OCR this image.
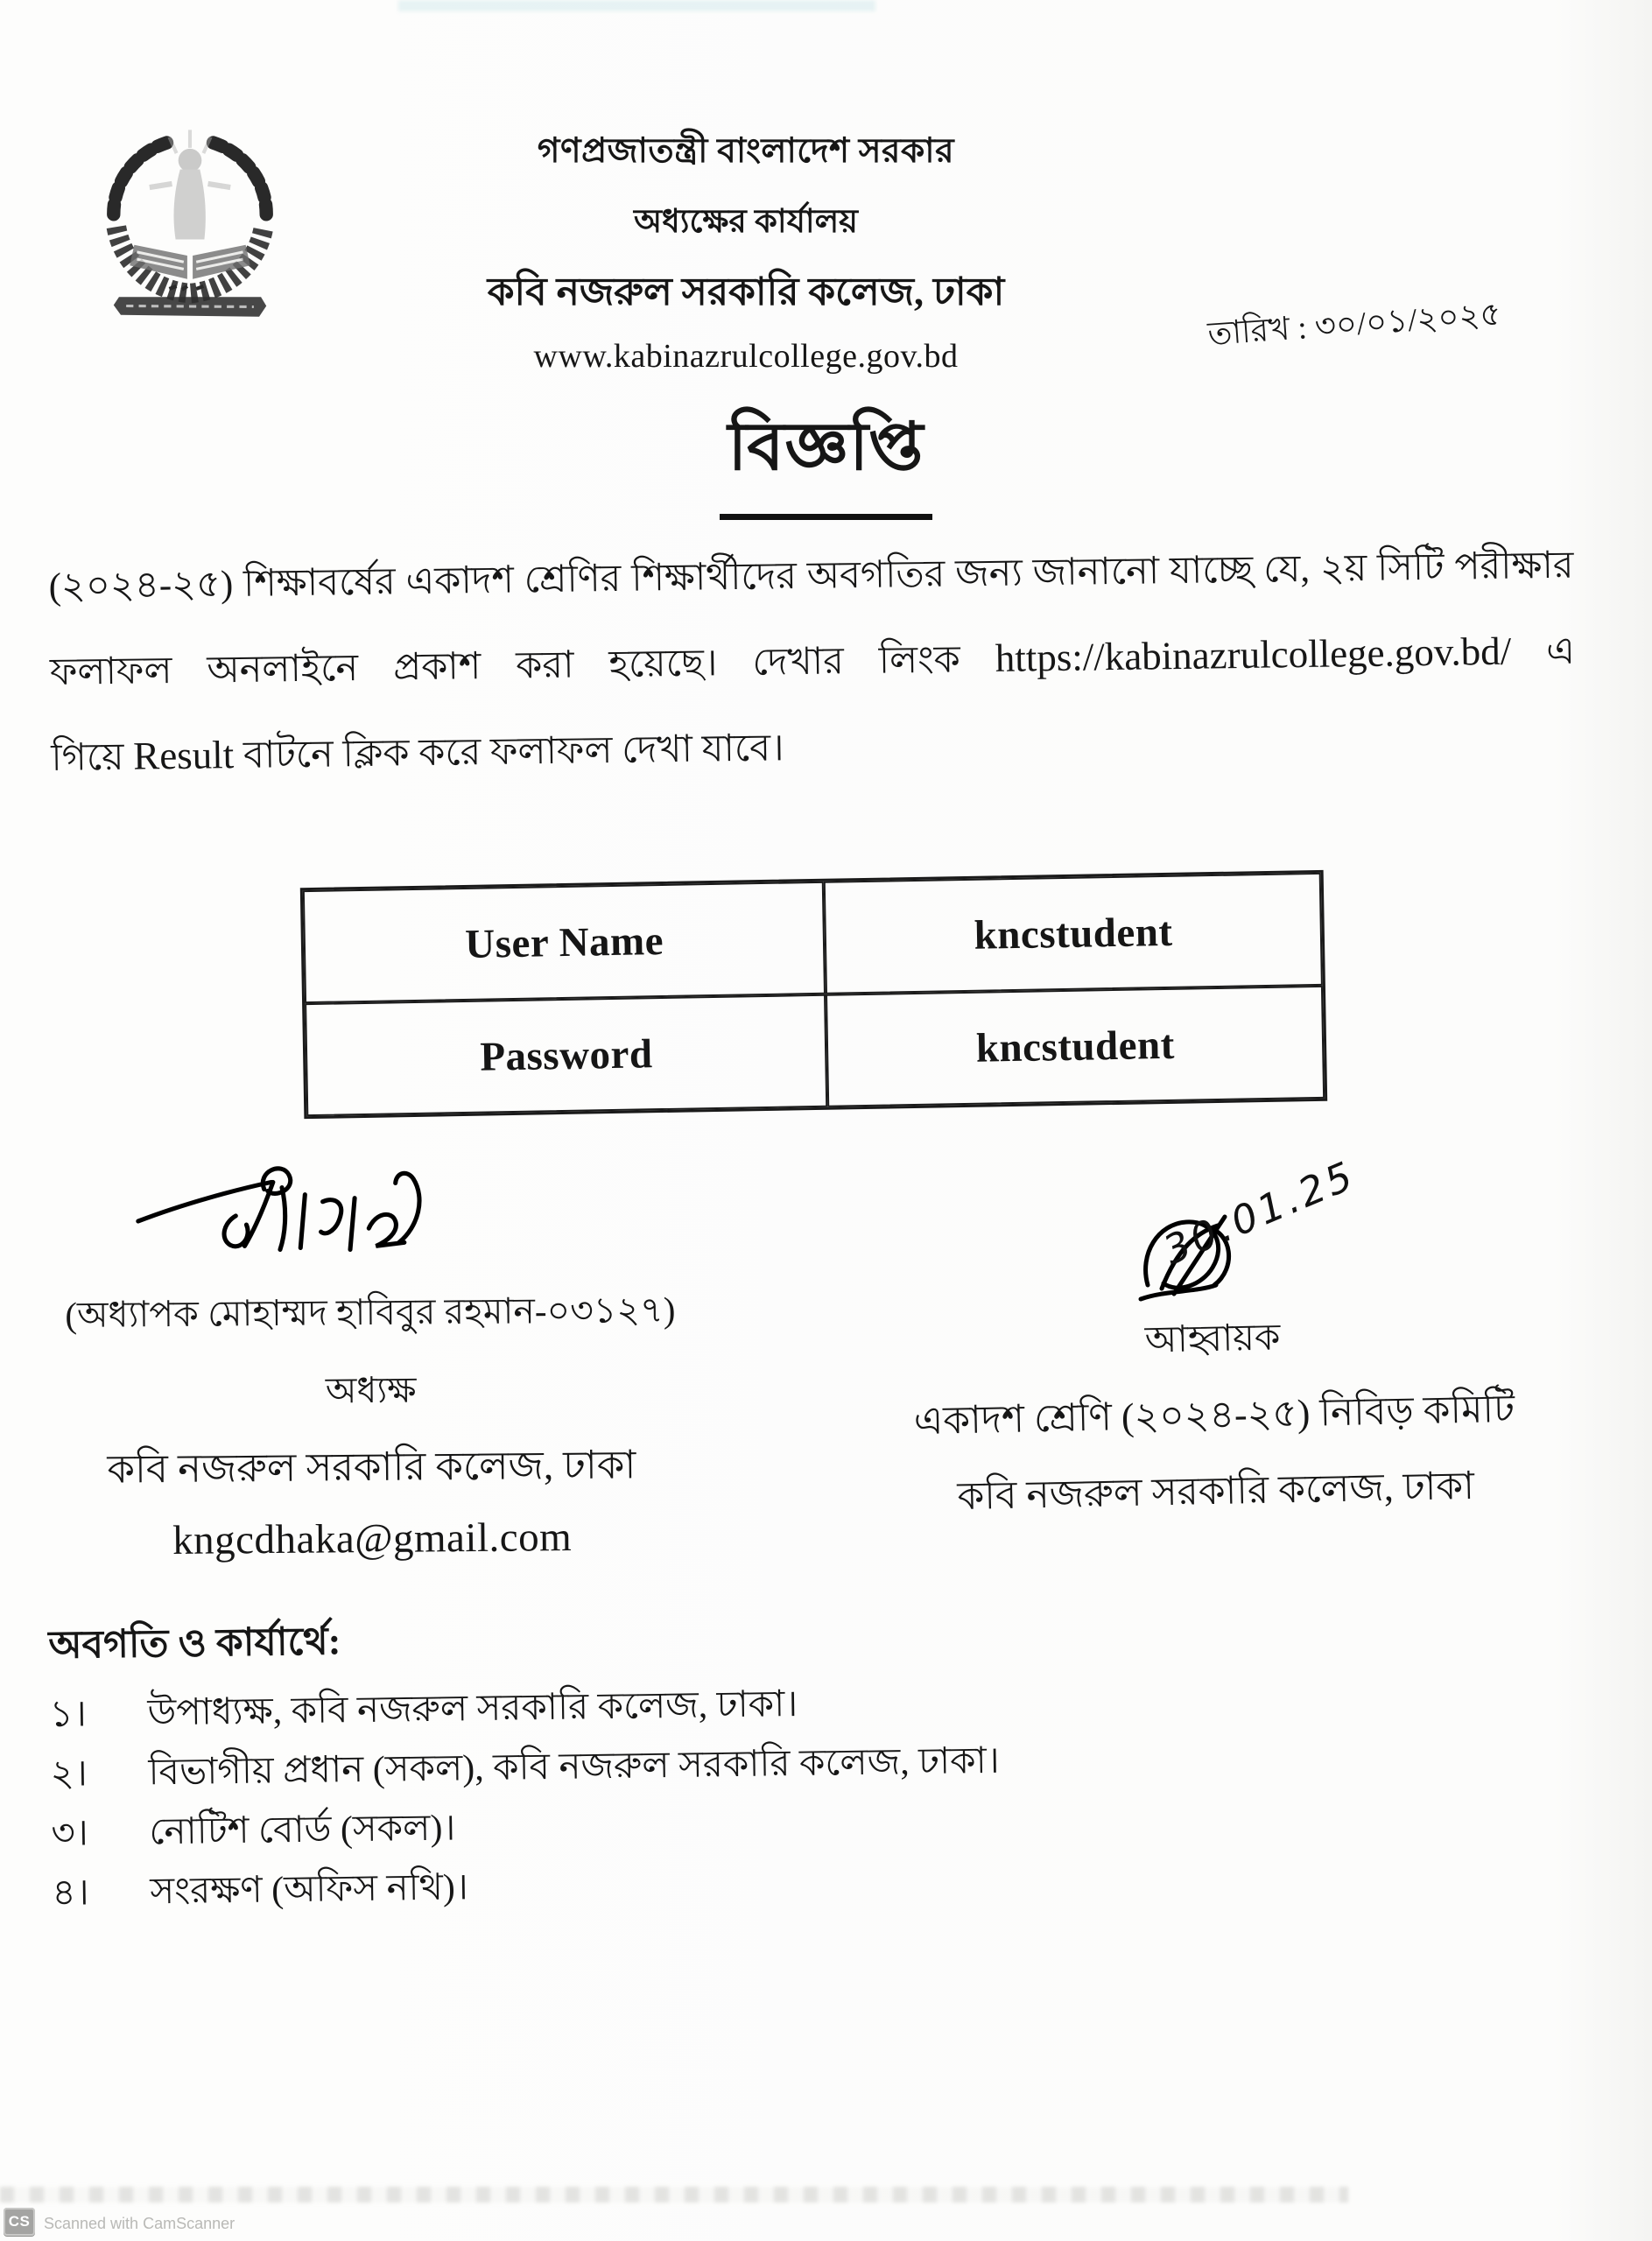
গণপ্রজাতন্ত্রী বাংলাদেশ সরকার
অধ্যক্ষের কার্যালয়
কবি নজরুল সরকারি কলেজ, ঢাকা
www.kabinazrulcollege.gov.bd
তারিখ : ৩০/০১/২০২৫
বিজ্ঞপ্তি
(২০২৪-২৫) শিক্ষাবর্ষের একাদশ শ্রেণির শিক্ষার্থীদের অবগতির জন্য জানানো যাচ্ছে যে, ২য় সিটি পরীক্ষার
ফলাফল অনলাইনে প্রকাশ করা হয়েছে। দেখার লিংক https://kabinazrulcollege.gov.bd/ এ
গিয়ে Result বাটনে ক্লিক করে ফলাফল দেখা যাবে।
User Name	kncstudent
Password	kncstudent
(অধ্যাপক মোহাম্মদ হাবিবুর রহমান-০৩১২৭)
অধ্যক্ষ
কবি নজরুল সরকারি কলেজ, ঢাকা
kngcdhaka@gmail.com
30.01.25
আহ্বায়ক
একাদশ শ্রেণি (২০২৪-২৫) নিবিড় কমিটি
কবি নজরুল সরকারি কলেজ, ঢাকা
অবগতি ও কার্যার্থে:
১।	উপাধ্যক্ষ, কবি নজরুল সরকারি কলেজ, ঢাকা।
২।	বিভাগীয় প্রধান (সকল), কবি নজরুল সরকারি কলেজ, ঢাকা।
৩।	নোটিশ বোর্ড (সকল)।
৪।	সংরক্ষণ (অফিস নথি)।
CS Scanned with CamScanner
